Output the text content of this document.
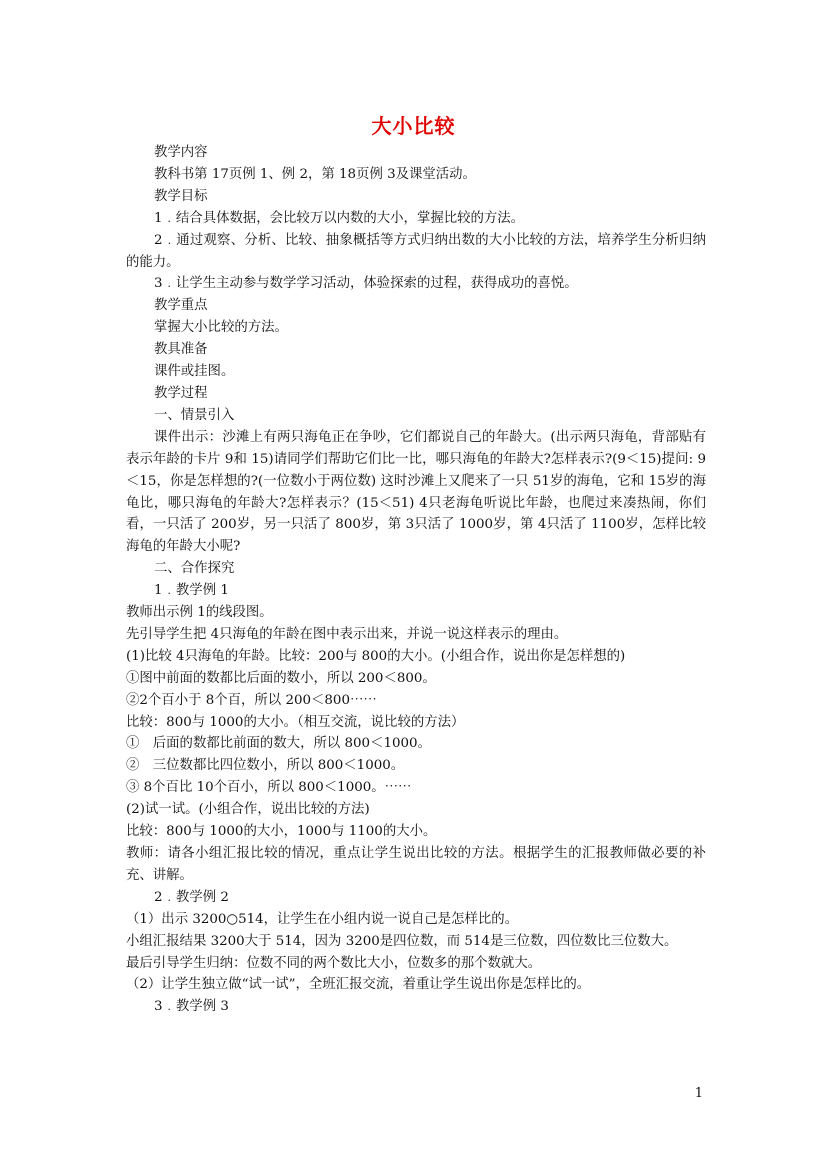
大小比较

教学内容

教科书第 17页例 1、例 2，第 18页例 3及课堂活动。

教学目标

1﹒结合具体数据，会比较万以内数的大小，掌握比较的方法。

2﹒通过观察、分析、比较、抽象概括等方式归纳出数的大小比较的方法，培养学生分析归纳的能力。

3﹒让学生主动参与数学学习活动，体验探索的过程，获得成功的喜悦。

教学重点

掌握大小比较的方法。

教具准备

课件或挂图。

教学过程

一、情景引入

课件出示：沙滩上有两只海龟正在争吵，它们都说自己的年龄大。(出示两只海龟，背部贴有表示年龄的卡片 9和 15)请同学们帮助它们比一比，哪只海龟的年龄大?怎样表示?(9＜15)提问: 9＜15，你是怎样想的?(一位数小于两位数) 这时沙滩上又爬来了一只 51岁的海龟，它和 15岁的海龟比，哪只海龟的年龄大?怎样表示？(15＜51) 4只老海龟听说比年龄，也爬过来凑热闹，你们看，一只活了 200岁，另一只活了 800岁，第 3只活了 1000岁，第 4只活了 1100岁，怎样比较海龟的年龄大小呢?

二、合作探究

1﹒教学例 1

教师出示例 1的线段图。

先引导学生把 4只海龟的年龄在图中表示出来，并说一说这样表示的理由。

(1)比较 4只海龟的年龄。比较：200与 800的大小。(小组合作，说出你是怎样想的)

①图中前面的数都比后面的数小，所以 200＜800。

②2个百小于 8个百，所以 200＜800⋯⋯

比较：800与 1000的大小。（相互交流，说比较的方法）

①　后面的数都比前面的数大，所以 800＜1000。

②　三位数都比四位数小，所以 800＜1000。

③ 8个百比 10个百小，所以 800＜1000。⋯⋯

(2)试一试。(小组合作，说出比较的方法)

比较：800与 1000的大小，1000与 1100的大小。

教师：请各小组汇报比较的情况，重点让学生说出比较的方法。根据学生的汇报教师做必要的补充、讲解。

2﹒教学例 2

（1）出示 3200○514，让学生在小组内说一说自己是怎样比的。

小组汇报结果 3200大于 514，因为 3200是四位数，而 514是三位数，四位数比三位数大。

最后引导学生归纳：位数不同的两个数比大小，位数多的那个数就大。

（2）让学生独立做“试一试”，全班汇报交流，着重让学生说出你是怎样比的。

3﹒教学例 3

1
